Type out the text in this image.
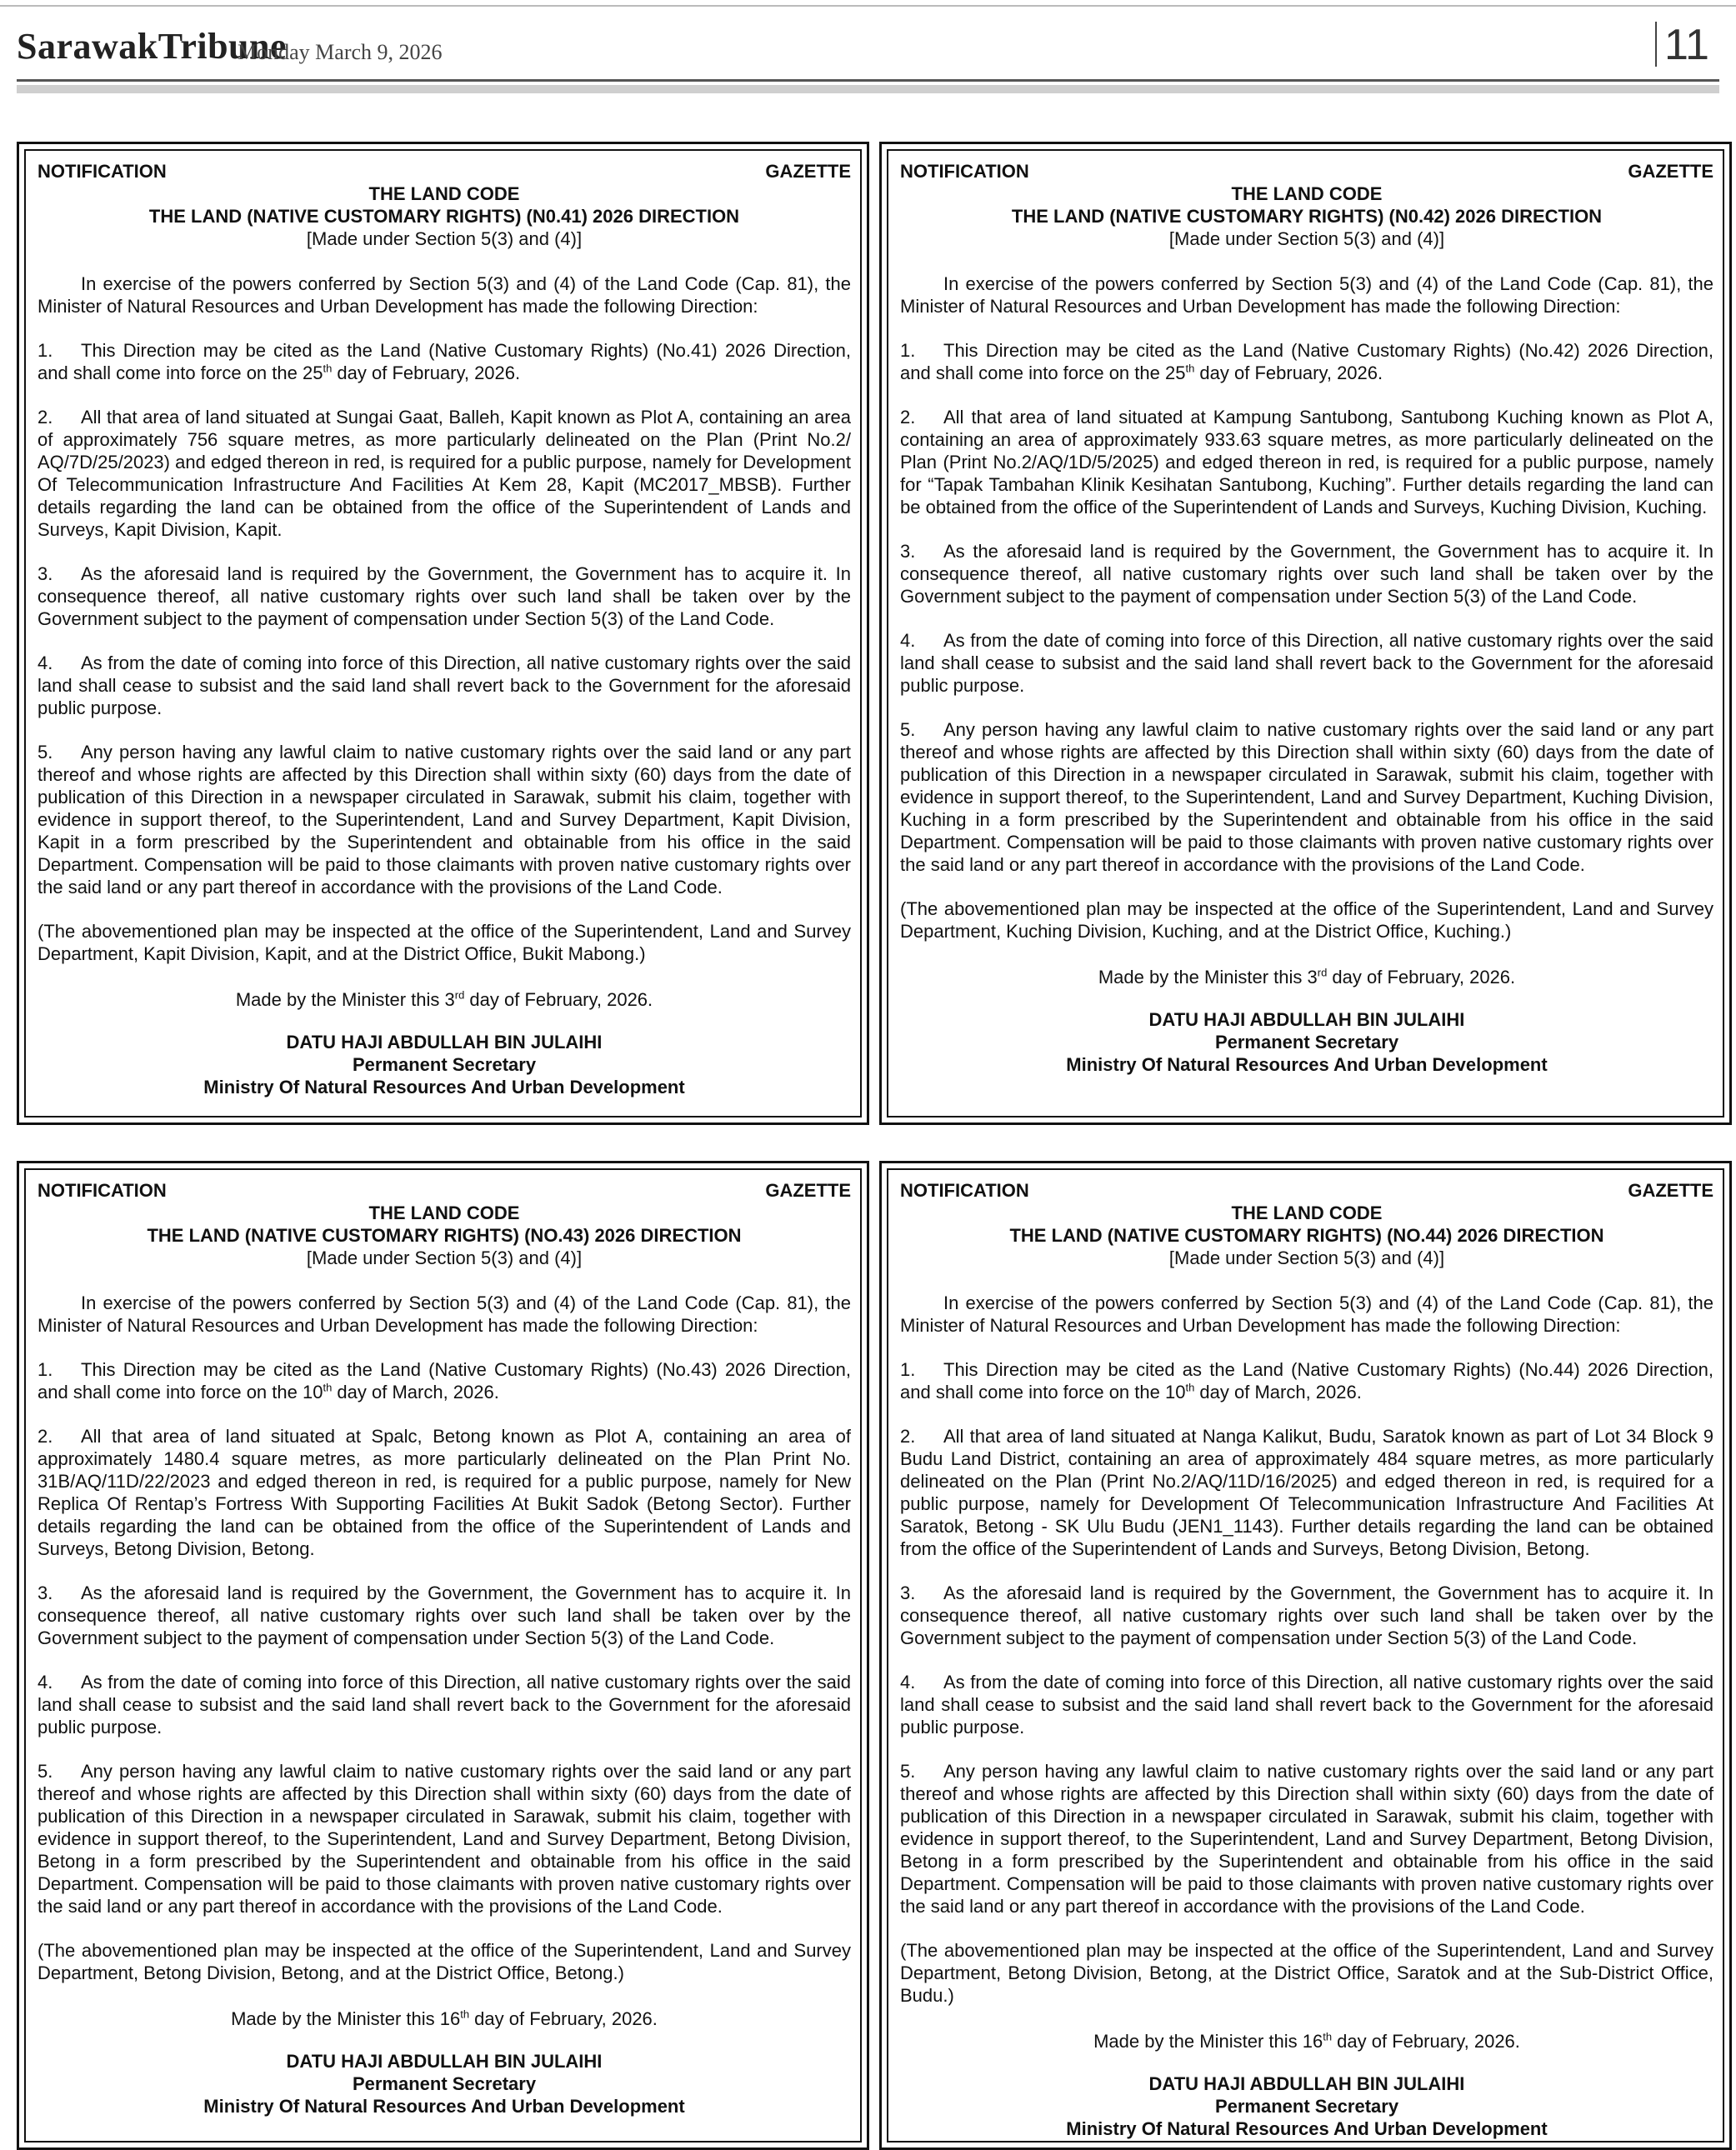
SarawakTribune
Monday March 9, 2026	11
NOTIFICATION	GAZETTE
THE LAND CODE
THE LAND (NATIVE CUSTOMARY RIGHTS) (N0.41) 2026 DIRECTION
[Made under Section 5(3) and (4)]
In exercise of the powers conferred by Section 5(3) and (4) of the Land Code (Cap. 81), the Minister of Natural Resources and Urban Development has made the following Direction:
1. This Direction may be cited as the Land (Native Customary Rights) (No.41) 2026 Direction, and shall come into force on the 25th day of February, 2026.
2. All that area of land situated at Sungai Gaat, Balleh, Kapit known as Plot A, containing an area of approximately 756 square metres, as more particularly delineated on the Plan (Print No.2/ AQ/7D/25/2023) and edged thereon in red, is required for a public purpose, namely for Development Of Telecommunication Infrastructure And Facilities At Kem 28, Kapit (MC2017_MBSB). Further details regarding the land can be obtained from the office of the Superintendent of Lands and Surveys, Kapit Division, Kapit.
3. As the aforesaid land is required by the Government, the Government has to acquire it. In consequence thereof, all native customary rights over such land shall be taken over by the Government subject to the payment of compensation under Section 5(3) of the Land Code.
4. As from the date of coming into force of this Direction, all native customary rights over the said land shall cease to subsist and the said land shall revert back to the Government for the aforesaid public purpose.
5. Any person having any lawful claim to native customary rights over the said land or any part thereof and whose rights are affected by this Direction shall within sixty (60) days from the date of publication of this Direction in a newspaper circulated in Sarawak, submit his claim, together with evidence in support thereof, to the Superintendent, Land and Survey Department, Kapit Division, Kapit in a form prescribed by the Superintendent and obtainable from his office in the said Department. Compensation will be paid to those claimants with proven native customary rights over the said land or any part thereof in accordance with the provisions of the Land Code.
(The abovementioned plan may be inspected at the office of the Superintendent, Land and Survey Department, Kapit Division, Kapit, and at the District Office, Bukit Mabong.)
Made by the Minister this 3rd day of February, 2026.
DATU HAJI ABDULLAH BIN JULAIHI
Permanent Secretary
Ministry Of Natural Resources And Urban Development
NOTIFICATION	GAZETTE
THE LAND CODE
THE LAND (NATIVE CUSTOMARY RIGHTS) (N0.42) 2026 DIRECTION
[Made under Section 5(3) and (4)]
In exercise of the powers conferred by Section 5(3) and (4) of the Land Code (Cap. 81), the Minister of Natural Resources and Urban Development has made the following Direction:
1. This Direction may be cited as the Land (Native Customary Rights) (No.42) 2026 Direction, and shall come into force on the 25th day of February, 2026.
2. All that area of land situated at Kampung Santubong, Santubong Kuching known as Plot A, containing an area of approximately 933.63 square metres, as more particularly delineated on the Plan (Print No.2/AQ/1D/5/2025) and edged thereon in red, is required for a public purpose, namely for “Tapak Tambahan Klinik Kesihatan Santubong, Kuching”. Further details regarding the land can be obtained from the office of the Superintendent of Lands and Surveys, Kuching Division, Kuching.
3. As the aforesaid land is required by the Government, the Government has to acquire it. In consequence thereof, all native customary rights over such land shall be taken over by the Government subject to the payment of compensation under Section 5(3) of the Land Code.
4. As from the date of coming into force of this Direction, all native customary rights over the said land shall cease to subsist and the said land shall revert back to the Government for the aforesaid public purpose.
5. Any person having any lawful claim to native customary rights over the said land or any part thereof and whose rights are affected by this Direction shall within sixty (60) days from the date of publication of this Direction in a newspaper circulated in Sarawak, submit his claim, together with evidence in support thereof, to the Superintendent, Land and Survey Department, Kuching Division, Kuching in a form prescribed by the Superintendent and obtainable from his office in the said Department. Compensation will be paid to those claimants with proven native customary rights over the said land or any part thereof in accordance with the provisions of the Land Code.
(The abovementioned plan may be inspected at the office of the Superintendent, Land and Survey Department, Kuching Division, Kuching, and at the District Office, Kuching.)
Made by the Minister this 3rd day of February, 2026.
DATU HAJI ABDULLAH BIN JULAIHI
Permanent Secretary
Ministry Of Natural Resources And Urban Development
NOTIFICATION	GAZETTE
THE LAND CODE
THE LAND (NATIVE CUSTOMARY RIGHTS) (NO.43) 2026 DIRECTION
[Made under Section 5(3) and (4)]
In exercise of the powers conferred by Section 5(3) and (4) of the Land Code (Cap. 81), the Minister of Natural Resources and Urban Development has made the following Direction:
1. This Direction may be cited as the Land (Native Customary Rights) (No.43) 2026 Direction, and shall come into force on the 10th day of March, 2026.
2. All that area of land situated at Spalc, Betong known as Plot A, containing an area of approximately 1480.4 square metres, as more particularly delineated on the Plan Print No. 31B/AQ/11D/22/2023 and edged thereon in red, is required for a public purpose, namely for New Replica Of Rentap’s Fortress With Supporting Facilities At Bukit Sadok (Betong Sector). Further details regarding the land can be obtained from the office of the Superintendent of Lands and Surveys, Betong Division, Betong.
3. As the aforesaid land is required by the Government, the Government has to acquire it. In consequence thereof, all native customary rights over such land shall be taken over by the Government subject to the payment of compensation under Section 5(3) of the Land Code.
4. As from the date of coming into force of this Direction, all native customary rights over the said land shall cease to subsist and the said land shall revert back to the Government for the aforesaid public purpose.
5. Any person having any lawful claim to native customary rights over the said land or any part thereof and whose rights are affected by this Direction shall within sixty (60) days from the date of publication of this Direction in a newspaper circulated in Sarawak, submit his claim, together with evidence in support thereof, to the Superintendent, Land and Survey Department, Betong Division, Betong in a form prescribed by the Superintendent and obtainable from his office in the said Department. Compensation will be paid to those claimants with proven native customary rights over the said land or any part thereof in accordance with the provisions of the Land Code.
(The abovementioned plan may be inspected at the office of the Superintendent, Land and Survey Department, Betong Division, Betong, and at the District Office, Betong.)
Made by the Minister this 16th day of February, 2026.
DATU HAJI ABDULLAH BIN JULAIHI
Permanent Secretary
Ministry Of Natural Resources And Urban Development
NOTIFICATION	GAZETTE
THE LAND CODE
THE LAND (NATIVE CUSTOMARY RIGHTS) (NO.44) 2026 DIRECTION
[Made under Section 5(3) and (4)]
In exercise of the powers conferred by Section 5(3) and (4) of the Land Code (Cap. 81), the Minister of Natural Resources and Urban Development has made the following Direction:
1. This Direction may be cited as the Land (Native Customary Rights) (No.44) 2026 Direction, and shall come into force on the 10th day of March, 2026.
2. All that area of land situated at Nanga Kalikut, Budu, Saratok known as part of Lot 34 Block 9 Budu Land District, containing an area of approximately 484 square metres, as more particularly delineated on the Plan (Print No.2/AQ/11D/16/2025) and edged thereon in red, is required for a public purpose, namely for Development Of Telecommunication Infrastructure And Facilities At Saratok, Betong - SK Ulu Budu (JEN1_1143). Further details regarding the land can be obtained from the office of the Superintendent of Lands and Surveys, Betong Division, Betong.
3. As the aforesaid land is required by the Government, the Government has to acquire it. In consequence thereof, all native customary rights over such land shall be taken over by the Government subject to the payment of compensation under Section 5(3) of the Land Code.
4. As from the date of coming into force of this Direction, all native customary rights over the said land shall cease to subsist and the said land shall revert back to the Government for the aforesaid public purpose.
5. Any person having any lawful claim to native customary rights over the said land or any part thereof and whose rights are affected by this Direction shall within sixty (60) days from the date of publication of this Direction in a newspaper circulated in Sarawak, submit his claim, together with evidence in support thereof, to the Superintendent, Land and Survey Department, Betong Division, Betong in a form prescribed by the Superintendent and obtainable from his office in the said Department. Compensation will be paid to those claimants with proven native customary rights over the said land or any part thereof in accordance with the provisions of the Land Code.
(The abovementioned plan may be inspected at the office of the Superintendent, Land and Survey Department, Betong Division, Betong, at the District Office, Saratok and at the Sub-District Office, Budu.)
Made by the Minister this 16th day of February, 2026.
DATU HAJI ABDULLAH BIN JULAIHI
Permanent Secretary
Ministry Of Natural Resources And Urban Development
